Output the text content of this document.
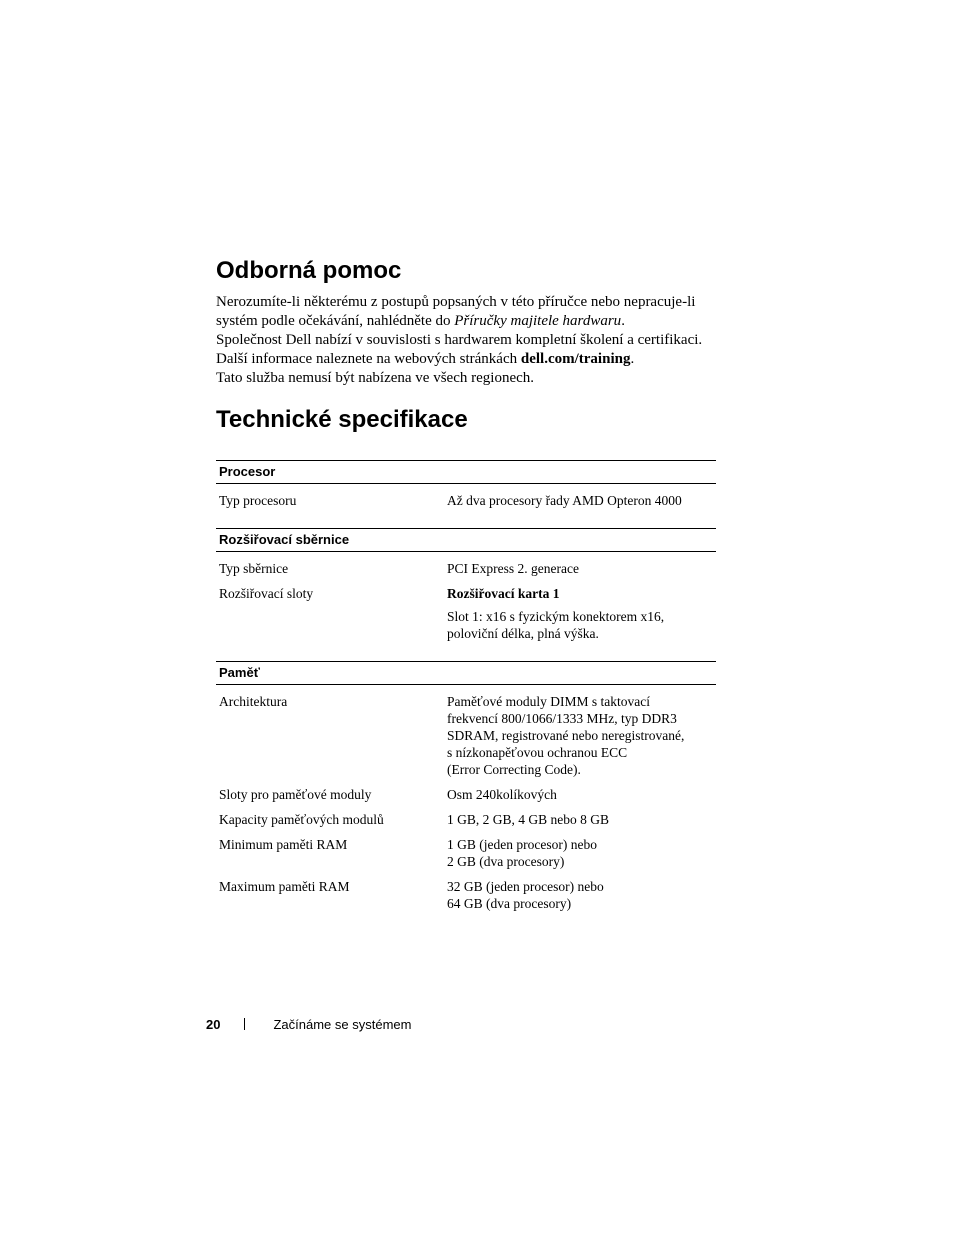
Odborná pomoc
Nerozumíte-li některému z postupů popsaných v této příručce nebo nepracuje-li
systém podle očekávání, nahlédněte do Příručky majitele hardwaru.
Společnost Dell nabízí v souvislosti s hardwarem kompletní školení a certifikaci.
Další informace naleznete na webových stránkách dell.com/training.
Tato služba nemusí být nabízena ve všech regionech.
Technické specifikace
Procesor
Typ procesoru	Až dva procesory řady AMD Opteron 4000
Rozšiřovací sběrnice
Typ sběrnice	PCI Express 2. generace
Rozšiřovací sloty	Rozšiřovací karta 1
Slot 1: x16 s fyzickým konektorem x16,
poloviční délka, plná výška.
Paměť
Architektura	Paměťové moduly DIMM s taktovací
frekvencí 800/1066/1333 MHz, typ DDR3
SDRAM, registrované nebo neregistrované,
s nízkonapěťovou ochranou ECC
(Error Correcting Code).
Sloty pro paměťové moduly	Osm 240kolíkových
Kapacity paměťových modulů	1 GB, 2 GB, 4 GB nebo 8 GB
Minimum paměti RAM	1 GB (jeden procesor) nebo
2 GB (dva procesory)
Maximum paměti RAM	32 GB (jeden procesor) nebo
64 GB (dva procesory)
20	Začínáme se systémem
